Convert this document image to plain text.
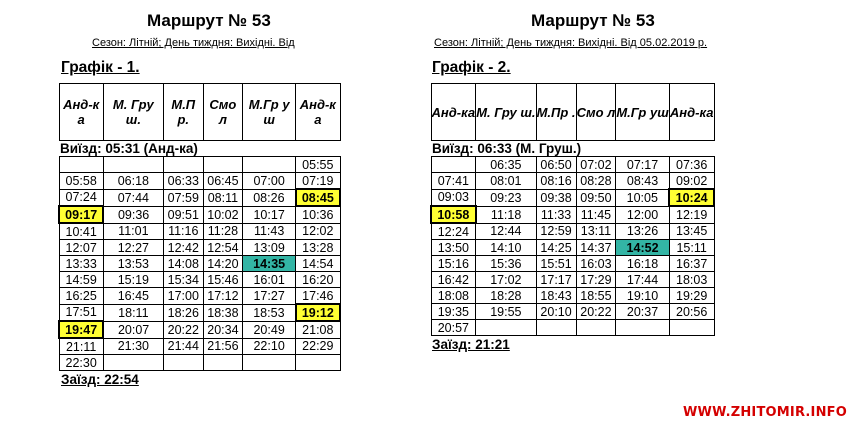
Маршрут № 53
Сезон: Літній; День тиждня: Вихідні. Від
Графік - 1.
Анд-ка	М. Грy ш.	М.П р.	Смо л	М.Гр уш	Анд-ка
Виїзд: 05:31 (Анд-ка)					
					05:55
05:58	06:18	06:33	06:45	07:00	07:19
07:24	07:44	07:59	08:11	08:26	08:45
09:17	09:36	09:51	10:02	10:17	10:36
10:41	11:01	11:16	11:28	11:43	12:02
12:07	12:27	12:42	12:54	13:09	13:28
13:33	13:53	14:08	14:20	14:35	14:54
14:59	15:19	15:34	15:46	16:01	16:20
16:25	16:45	17:00	17:12	17:27	17:46
17:51	18:11	18:26	18:38	18:53	19:12
19:47	20:07	20:22	20:34	20:49	21:08
21:11	21:30	21:44	21:56	22:10	22:29
22:30					
Маршрут № 53
Сезон: Літній; День тиждня: Вихідні. Від 05.02.2019 р.
Графік - 2.
Анд-ка	М. Гру ш.	М.Пр .	Смо л	М.Гр уш	Анд-ка
Виїзд: 06:33 (М. Груш.)					
	06:35	06:50	07:02	07:17	07:36
07:41	08:01	08:16	08:28	08:43	09:02
09:03	09:23	09:38	09:50	10:05	10:24
10:58	11:18	11:33	11:45	12:00	12:19
12:24	12:44	12:59	13:11	13:26	13:45
13:50	14:10	14:25	14:37	14:52	15:11
15:16	15:36	15:51	16:03	16:18	16:37
16:42	17:02	17:17	17:29	17:44	18:03
18:08	18:28	18:43	18:55	19:10	19:29
19:35	19:55	20:10	20:22	20:37	20:56
20:57					
Заїзд: 22:54
Заїзд: 21:21
WWW.ZHITOMIR.INFO
